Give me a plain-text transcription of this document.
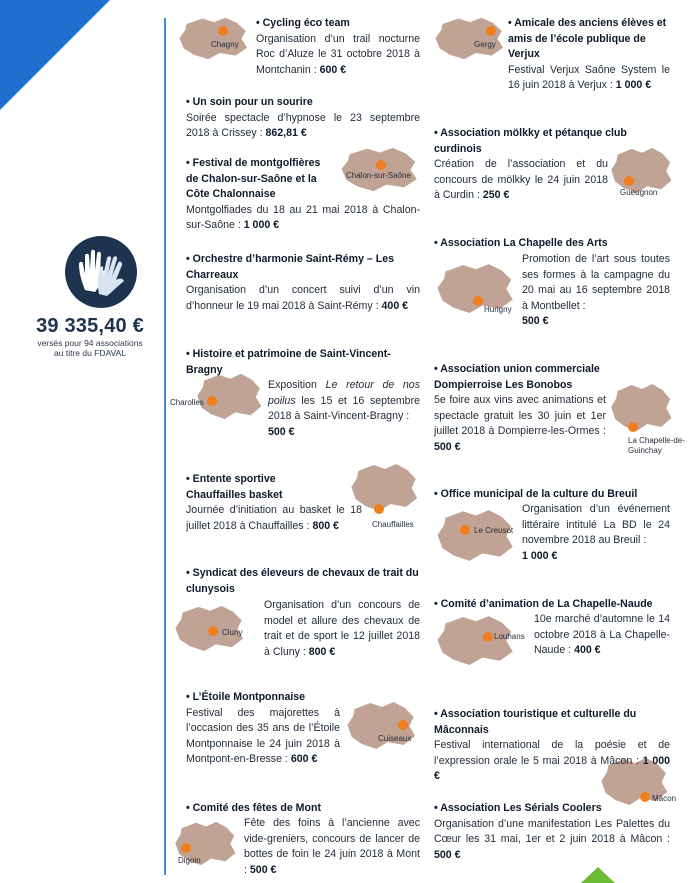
39 335,40 €
versés pour 94 associations
au titre du FDAVAL
Chagny
• Cycling éco team

Organisation d’un trail nocturne Roc d’Aluze le 31 octobre 2018 à Montchanin : 600 €

• Un soin pour un sourire

Soirée spectacle d’hypnose le 23 septembre 2018 à Crissey : 862,81 €

Chalon-sur-Saône
• Festival de montgolfières de Chalon-sur-Saône et la Côte Chalonnaise

Montgolfiades du 18 au 21 mai 2018 à Chalon-sur-Saône : 1 000 €

• Orchestre d’harmonie Saint-Rémy – Les Charreaux

Organisation d’un concert suivi d’un vin d’honneur le 19 mai 2018 à Saint-Rémy : 400 €

• Histoire et patrimoine de Saint-Vincent-Bragny
Charolles

Exposition Le retour de nos poilus les 15 et 16 septembre 2018 à Saint-Vincent-Bragny :

500 €
Chauffailles
• Entente sportive Chauffailles basket

Journée d’initiation au basket le 18 juillet 2018 à Chauffailles : 800 €

• Syndicat des éleveurs de chevaux de trait du clunysois
Cluny

Organisation d’un concours de model et allure des chevaux de trait et de sport le 12 juillet 2018 à Cluny : 800 €

Cuiseaux
• L’Étoile Montponnaise

Festival des majorettes à l’occasion des 35 ans de l’Étoile Montponnaise le 24 juin 2018 à Montpont-en-Bresse : 600 €

• Comité des fêtes de Mont
Digoin

Fête des foins à l’ancienne avec vide-greniers, concours de lancer de bottes de foin le 24 juin 2018 à Mont : 500 €

Gergy
• Amicale des anciens élèves et amis de l’école publique de Verjux

Festival Verjux Saône System le 16 juin 2018 à Verjux : 1 000 €

Gueugnon
• Association mölkky et pétanque club curdinois

Création de l’association et du concours de mölkky le 24 juin 2018 à Curdin : 250 €

• Association La Chapelle des Arts
Hurigny

Promotion de l’art sous toutes ses formes à la campagne du 20 mai au 16 septembre 2018 à Montbellet :

500 €
La Chapelle-de-Guinchay
• Association union commerciale Dompierroise Les Bonobos

5e foire aux vins avec animations et spectacle gratuit les 30 juin et 1er juillet 2018 à Dompierre-les-Ormes : 500 €

• Office municipal de la culture du Breuil
Le Creusot

Organisation d’un événement littéraire intitulé La BD le 24 novembre 2018 au Breuil :

1 000 €
• Comité d’animation de La Chapelle-Naude
Louhans

10e marché d’automne le 14 octobre 2018 à La Chapelle-Naude : 400 €

Mâcon
• Association touristique et culturelle du Mâconnais

Festival international de la poésie et de l’expression orale le 5 mai 2018 à Mâcon : 1 000 €

• Association Les Sérials Coolers

Organisation d’une manifestation Les Palettes du Cœur les 31 mai, 1er et 2 juin 2018 à Mâcon : 500 €
